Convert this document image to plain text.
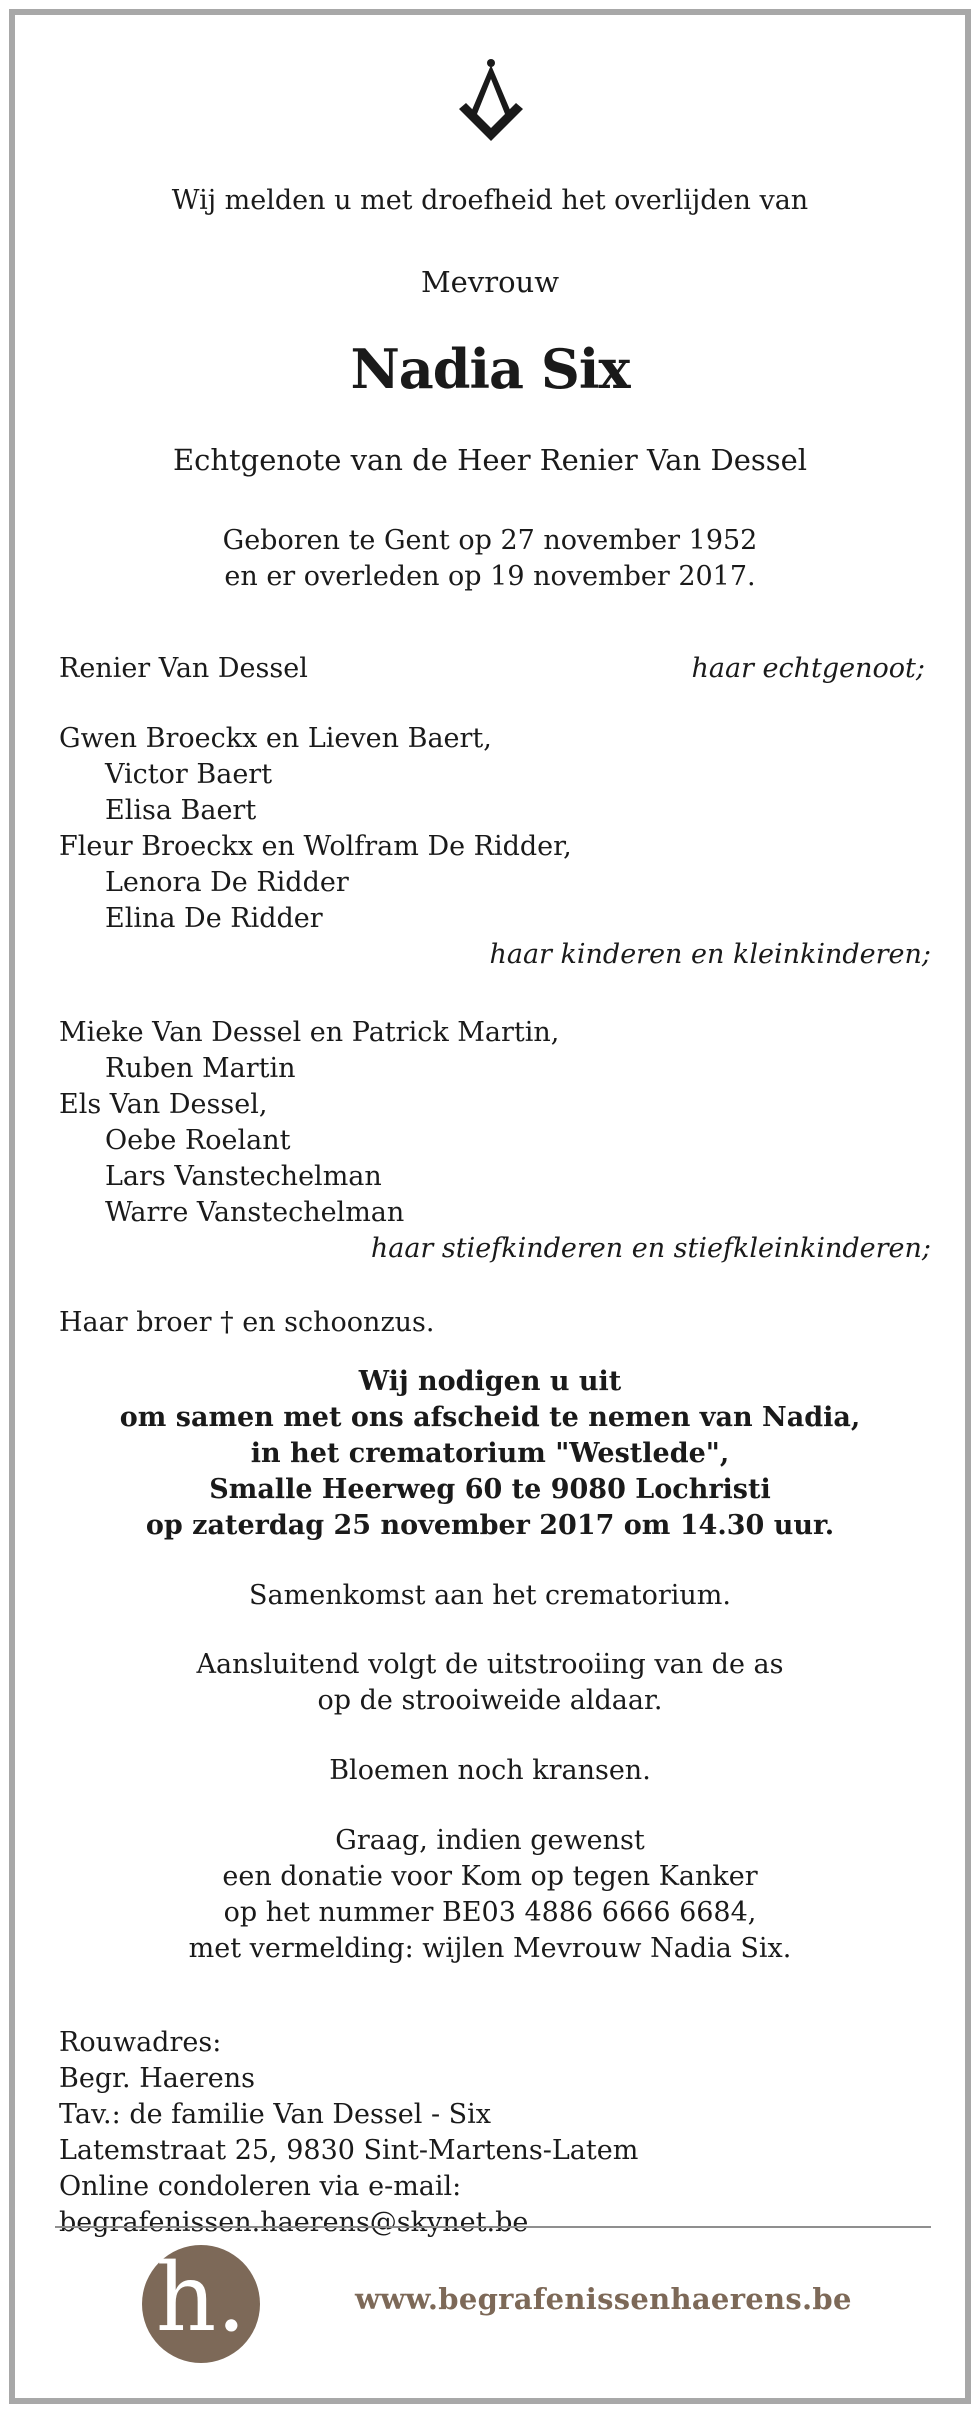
Wij melden u met droefheid het overlijden van
Mevrouw
Nadia Six
Echtgenote van de Heer Renier Van Dessel
Geboren te Gent op 27 november 1952
en er overleden op 19 november 2017.
Renier Van Dessel	haar echtgenoot;
Gwen Broeckx en Lieven Baert,
Victor Baert
Elisa Baert
Fleur Broeckx en Wolfram De Ridder,
Lenora De Ridder
Elina De Ridder
haar kinderen en kleinkinderen;
Mieke Van Dessel en Patrick Martin,
Ruben Martin
Els Van Dessel,
Oebe Roelant
Lars Vanstechelman
Warre Vanstechelman
haar stiefkinderen en stiefkleinkinderen;
Haar broer † en schoonzus.
Wij nodigen u uit
om samen met ons afscheid te nemen van Nadia,
in het crematorium "Westlede",
Smalle Heerweg 60 te 9080 Lochristi
op zaterdag 25 november 2017 om 14.30 uur.
Samenkomst aan het crematorium.
Aansluitend volgt de uitstrooiing van de as
op de strooiweide aldaar.
Bloemen noch kransen.
Graag, indien gewenst
een donatie voor Kom op tegen Kanker
op het nummer BE03 4886 6666 6684,
met vermelding: wijlen Mevrouw Nadia Six.
Rouwadres:
Begr. Haerens
Tav.: de familie Van Dessel - Six
Latemstraat 25, 9830 Sint-Martens-Latem
Online condoleren via e-mail:
begrafenissen.haerens@skynet.be
h.	www.begrafenissenhaerens.be
